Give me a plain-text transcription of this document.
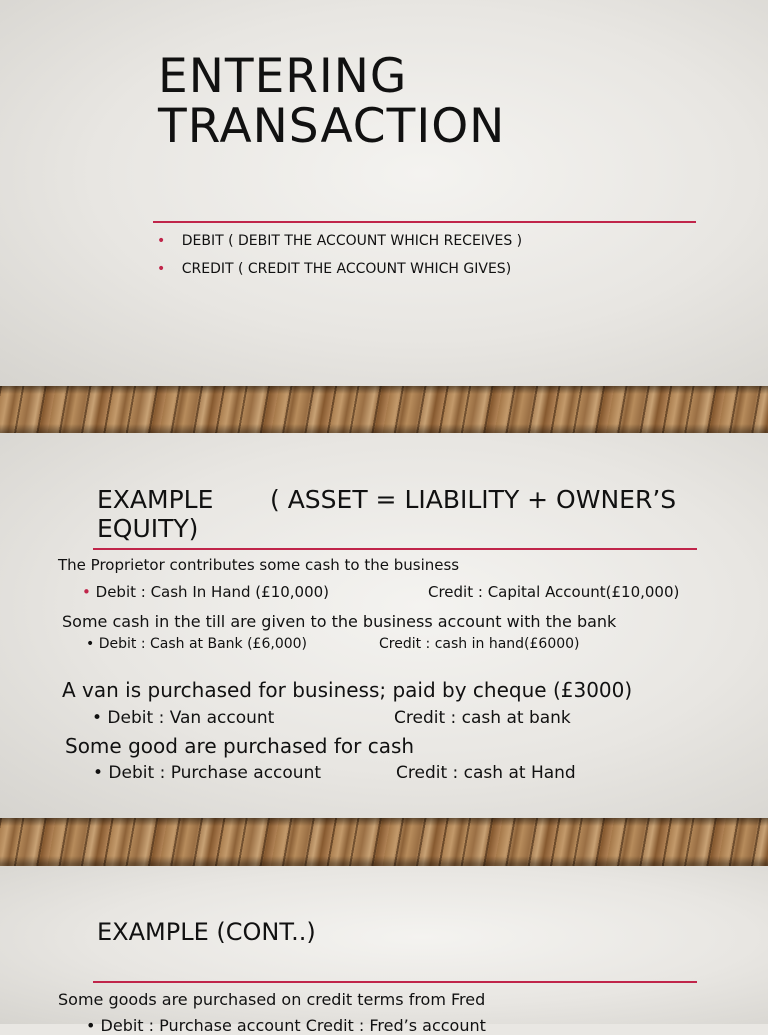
ENTERING
TRANSACTION
• DEBIT ( DEBIT THE ACCOUNT WHICH RECEIVES )
• CREDIT ( CREDIT THE ACCOUNT WHICH GIVES)
EXAMPLE ( ASSET = LIABILITY + OWNER’S
EQUITY)
The Proprietor contributes some cash to the business
• Debit : Cash In Hand (£10,000)	Credit : Capital Account(£10,000)
Some cash in the till are given to the business account with the bank
• Debit : Cash at Bank (£6,000)	Credit : cash in hand(£6000)
A van is purchased for business; paid by cheque (£3000)
• Debit : Van account	Credit : cash at bank
Some good are purchased for cash
• Debit : Purchase account	Credit : cash at Hand
EXAMPLE (CONT..)
Some goods are purchased on credit terms from Fred
• Debit : Purchase account Credit : Fred’s account
